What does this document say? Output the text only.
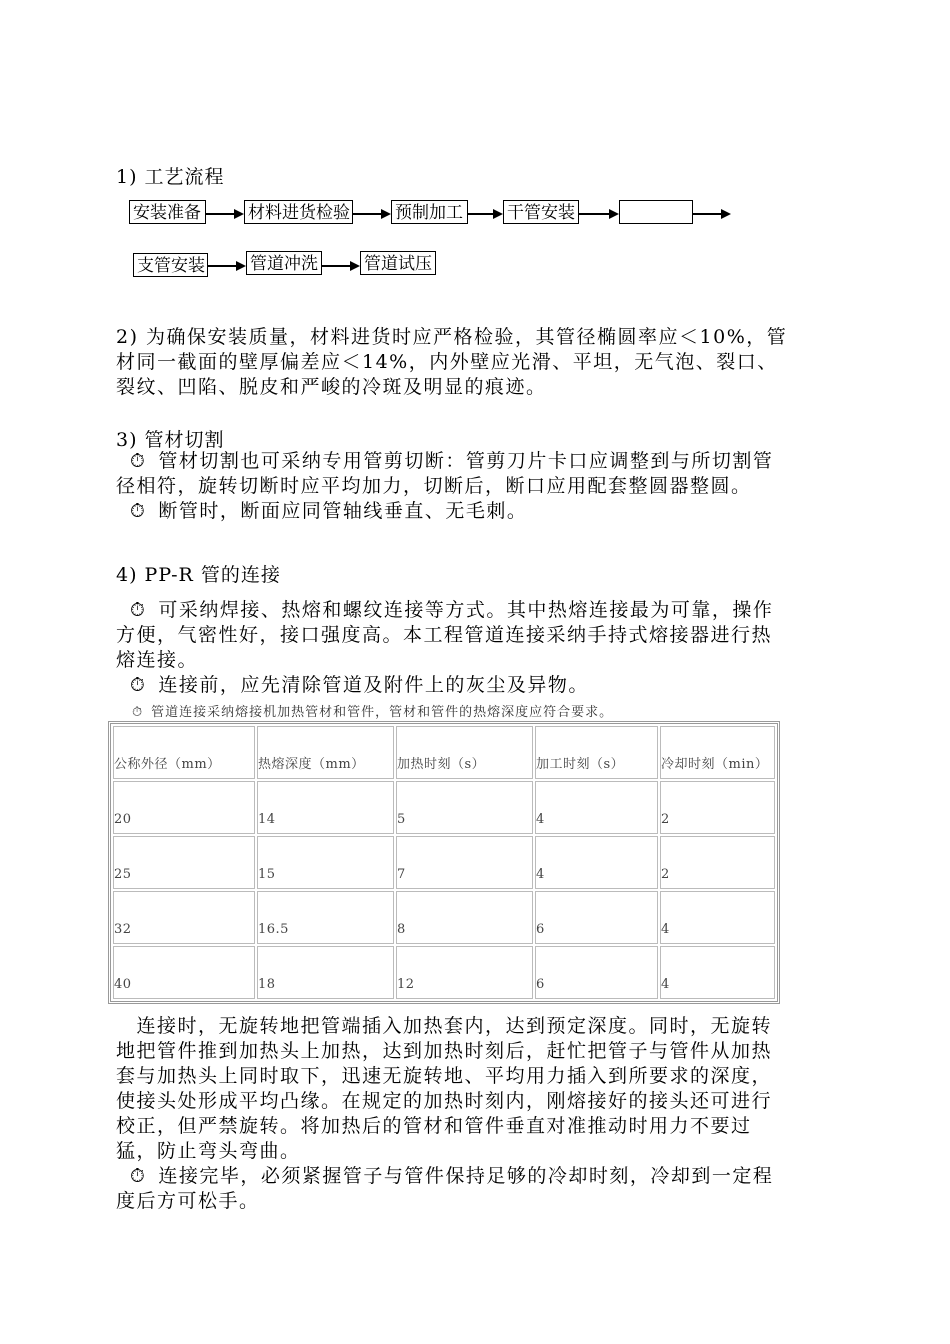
1) 工艺流程
安装准备	材料进货检验	预制加工	干管安装
支管安装	管道冲洗	管道试压
2) 为确保安装质量，材料进货时应严格检验，其管径椭圆率应＜10%，管
材同一截面的壁厚偏差应＜14%，内外壁应光滑、平坦，无气泡、裂口、
裂纹、凹陷、脱皮和严峻的冷斑及明显的痕迹。
3) 管材切割
⏱ 管材切割也可采纳专用管剪切断：管剪刀片卡口应调整到与所切割管
径相符，旋转切断时应平均加力，切断后，断口应用配套整圆器整圆。
⏱ 断管时，断面应同管轴线垂直、无毛刺。
4) PP-R 管的连接
⏱ 可采纳焊接、热熔和螺纹连接等方式。其中热熔连接最为可靠，操作
方便，气密性好，接口强度高。本工程管道连接采纳手持式熔接器进行热
熔连接。
⏱ 连接前，应先清除管道及附件上的灰尘及异物。
⏱ 管道连接采纳熔接机加热管材和管件，管材和管件的热熔深度应符合要求。
公称外径（mm）	热熔深度（mm）	加热时刻（s）	加工时刻（s）	冷却时刻（min）
20	14	5	4	2
25	15	7	4	2
32	16.5	8	6	4
40	18	12	6	4
　连接时，无旋转地把管端插入加热套内，达到预定深度。同时，无旋转
地把管件推到加热头上加热，达到加热时刻后，赶忙把管子与管件从加热
套与加热头上同时取下，迅速无旋转地、平均用力插入到所要求的深度，
使接头处形成平均凸缘。在规定的加热时刻内，刚熔接好的接头还可进行
校正，但严禁旋转。将加热后的管材和管件垂直对准推动时用力不要过
猛，防止弯头弯曲。
⏱ 连接完毕，必须紧握管子与管件保持足够的冷却时刻，冷却到一定程
度后方可松手。
